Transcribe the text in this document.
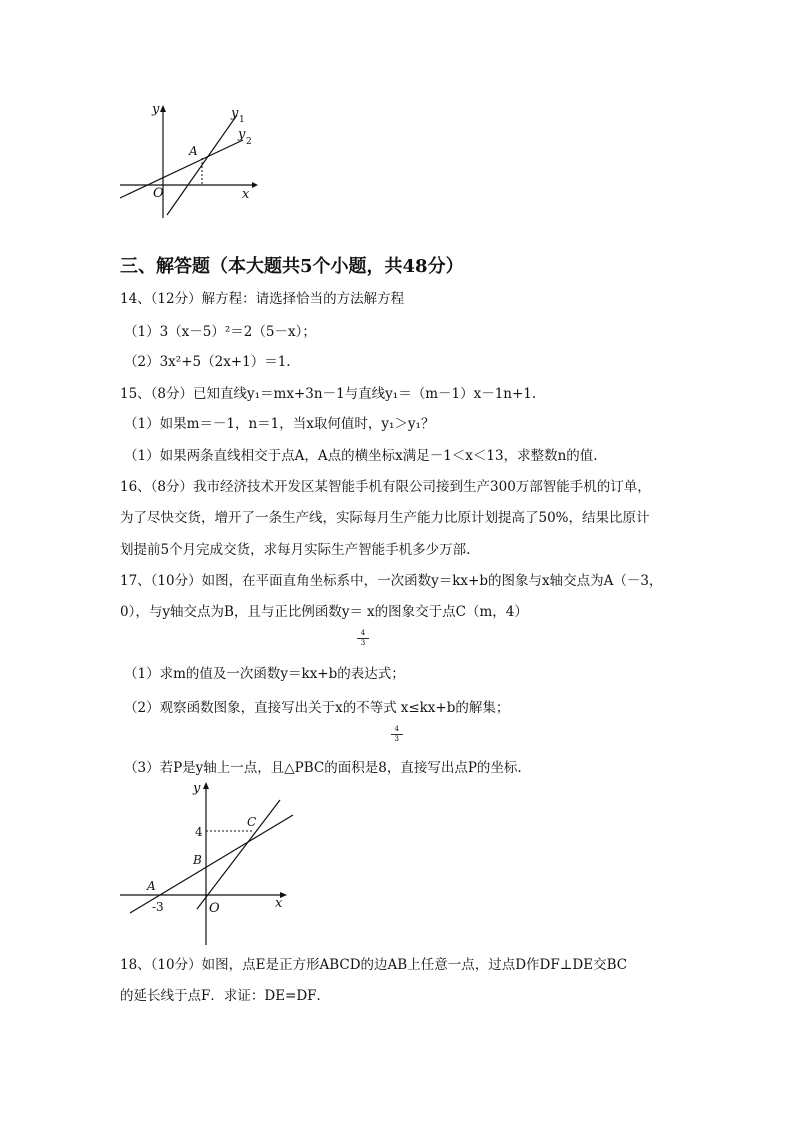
y
x
O
A
y 1
y 2
三、解答题（本大题共5个小题，共48分）
14、（12分）解方程：请选择恰当的方法解方程
（1）3（x－5）²＝2（5－x）；
（2）3x²+5（2x+1）＝1.
15、（8分）已知直线y₁＝mx+3n－1与直线y₁＝（m－1）x－1n+1.
（1）如果m＝－1，n＝1，当x取何值时，y₁＞y₁？
（1）如果两条直线相交于点A，A点的横坐标x满足－1＜x＜13，求整数n的值.
16、（8分）我市经济技术开发区某智能手机有限公司接到生产300万部智能手机的订单，
为了尽快交货，增开了一条生产线，实际每月生产能力比原计划提高了50%，结果比原计
划提前5个月完成交货，求每月实际生产智能手机多少万部.
17、（10分）如图，在平面直角坐标系中，一次函数y＝kx+b的图象与x轴交点为A（－3，
0），与y轴交点为B，且与正比例函数y＝
4
3
x的图象交于点C（m，4）
（1）求m的值及一次函数y＝kx+b的表达式；
（2）观察函数图象，直接写出关于x的不等式
4
3
x≤kx+b的解集；
（3）若P是y轴上一点，且△PBC的面积是8，直接写出点P的坐标.
y
x
O
A
B
C
4
-3
18、（10分）如图，点E是正方形ABCD的边AB上任意一点，过点D作DF⊥DE交BC
的延长线于点F．求证：DE=DF．
